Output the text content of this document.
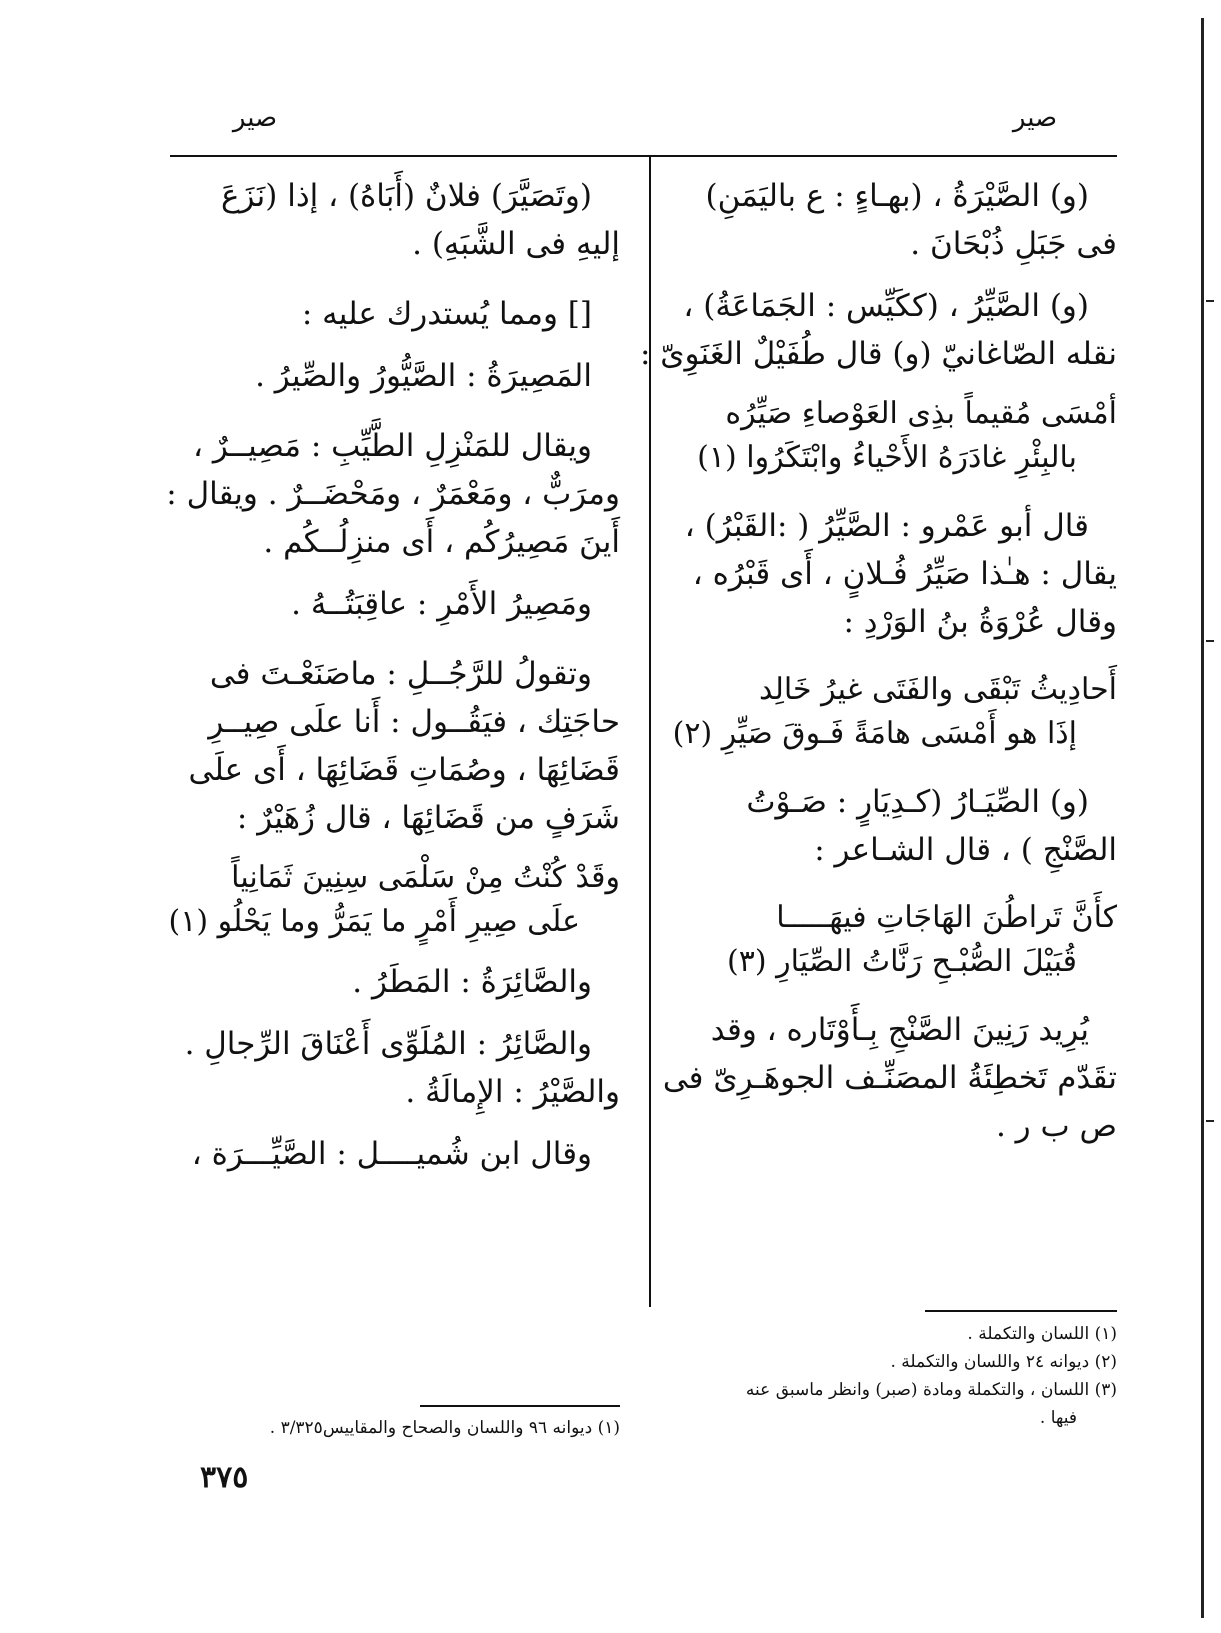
صير
صير
(و) الصَّيْرَةُ ، (بهـاءٍ : ع باليَمَنِ)
فى جَبَلِ ذُبْحَانَ .
(و) الصَّيِّرُ ، (ككَيِّس : الجَمَاعَةُ) ،
نقله الصّاغانيّ (و) قال طُفَيْلٌ الغَنَوِىّ :
أمْسَى مُقيماً بذِى العَوْصاءِ صَيِّرُه
بالبِئْرِ غادَرَهُ الأَحْياءُ وابْتَكَرُوا (١)
قال أبو عَمْرو : الصَّيِّرُ ( :القَبْرُ) ،
يقال : هـٰذا صَيِّرُ فُـلانٍ ، أَى قَبْرُه ،
وقال عُرْوَةُ بنُ الوَرْدِ :
أَحادِيثُ تَبْقَى والفَتَى غيرُ خَالِد
إذَا هو أَمْسَى هامَةً فَـوقَ صَيِّرِ (٢)
(و) الصِّيَـارُ (كـدِيَارٍ : صَـوْتُ
الصَّنْجِ ) ، قال الشـاعر :
كأَنَّ تَراطُنَ الهَاجَاتِ فيهَـــــا
قُبَيْلَ الصُّبْـحِ رَنَّاتُ الصِّيَارِ (٣)
يُرِيد رَنِينَ الصَّنْجِ بِـأَوْتَاره ، وقد
تقَدّم تَخطِئَةُ المصَنِّـف الجوهَـرِىّ فى
ص ب ر .
(١) اللسان والتكملة .
(٢) ديوانه ٢٤ واللسان والتكملة .
(٣) اللسان ، والتكملة ومادة (صبر) وانظر ماسبق عنه
فيها .
(وتَصَيَّرَ) فلانٌ (أَبَاهُ) ، إذا (نَزَعَ
إليهِ فى الشَّبَهِ) .
[] ومما يُستدرك عليه :
المَصِيرَةُ : الصَّيُّورُ والصِّيرُ .
ويقال للمَنْزِلِ الطَّيِّبِ : مَصِيــرٌ ،
ومرَبٌّ ، ومَعْمَرٌ ، ومَحْضَــرٌ . ويقال :
أَينَ مَصِيرُكُم ، أَى منزِلُــكُم .
ومَصِيرُ الأَمْرِ : عاقِبَتُــهُ .
وتقولُ للرَّجُــلِ : ماصَنَعْـتَ فى
حاجَتِك ، فيَقُــول : أَنا علَى صِيــرِ
قَضَائِهَا ، وصُمَاتِ قَضَائِهَا ، أَى علَى
شَرَفٍ من قَضَائِهَا ، قال زُهَيْرٌ :
وقَدْ كُنْتُ مِنْ سَلْمَى سِنِينَ ثَمَانِياً
علَى صِيرِ أَمْرٍ ما يَمَرُّ وما يَحْلُو (١)
والصَّائِرَةُ : المَطَرُ .
والصَّائِرُ : المُلَوِّى أَعْنَاقَ الرِّجالِ .
والصَّيْرُ : الإِمالَةُ .
وقال ابن شُميــــل : الصَّيِّـــرَة ،
(١) ديوانه ٩٦ واللسان والصحاح والمقاييس٣/٣٢٥ .
٣٧٥
